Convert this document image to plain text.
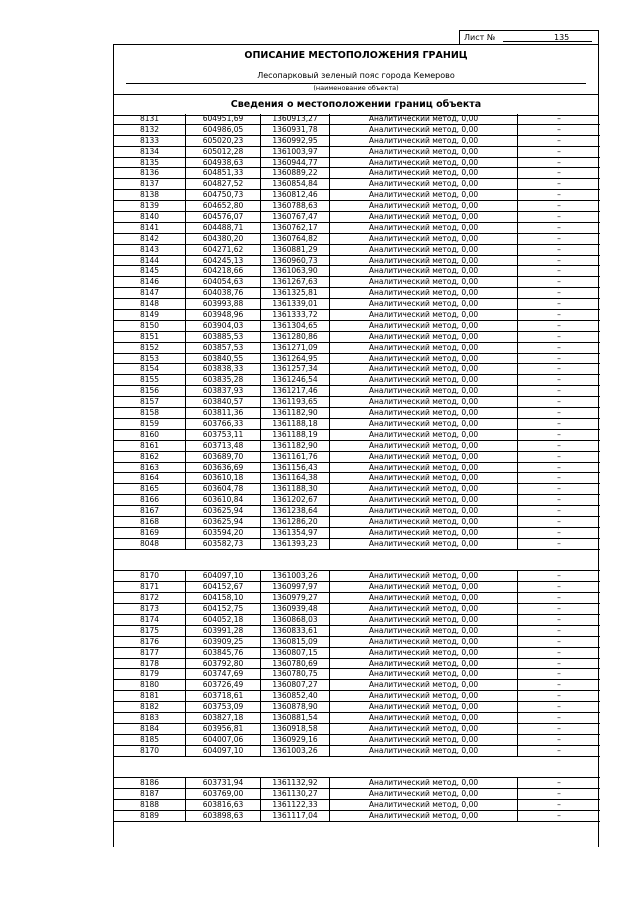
Лист №	135
ОПИСАНИЕ МЕСТОПОЛОЖЕНИЯ ГРАНИЦ
Лесопарковый зеленый пояс города Кемерово
(наименование объекта)
Сведения о местоположении границ объекта
8131	604951,69	1360913,27	Аналитический метод, 0,00	–
8132	604986,05	1360931,78	Аналитический метод, 0,00	–
8133	605020,23	1360992,95	Аналитический метод, 0,00	–
8134	605012,28	1361003,97	Аналитический метод, 0,00	–
8135	604938,63	1360944,77	Аналитический метод, 0,00	–
8136	604851,33	1360889,22	Аналитический метод, 0,00	–
8137	604827,52	1360854,84	Аналитический метод, 0,00	–
8138	604750,73	1360812,46	Аналитический метод, 0,00	–
8139	604652,80	1360788,63	Аналитический метод, 0,00	–
8140	604576,07	1360767,47	Аналитический метод, 0,00	–
8141	604488,71	1360762,17	Аналитический метод, 0,00	–
8142	604380,20	1360764,82	Аналитический метод, 0,00	–
8143	604271,62	1360881,29	Аналитический метод, 0,00	–
8144	604245,13	1360960,73	Аналитический метод, 0,00	–
8145	604218,66	1361063,90	Аналитический метод, 0,00	–
8146	604054,63	1361267,63	Аналитический метод, 0,00	–
8147	604038,76	1361325,81	Аналитический метод, 0,00	–
8148	603993,88	1361339,01	Аналитический метод, 0,00	–
8149	603948,96	1361333,72	Аналитический метод, 0,00	–
8150	603904,03	1361304,65	Аналитический метод, 0,00	–
8151	603885,53	1361280,86	Аналитический метод, 0,00	–
8152	603857,53	1361271,09	Аналитический метод, 0,00	–
8153	603840,55	1361264,95	Аналитический метод, 0,00	–
8154	603838,33	1361257,34	Аналитический метод, 0,00	–
8155	603835,28	1361246,54	Аналитический метод, 0,00	–
8156	603837,93	1361217,46	Аналитический метод, 0,00	–
8157	603840,57	1361193,65	Аналитический метод, 0,00	–
8158	603811,36	1361182,90	Аналитический метод, 0,00	–
8159	603766,33	1361188,18	Аналитический метод, 0,00	–
8160	603753,11	1361188,19	Аналитический метод, 0,00	–
8161	603713,48	1361182,90	Аналитический метод, 0,00	–
8162	603689,70	1361161,76	Аналитический метод, 0,00	–
8163	603636,69	1361156,43	Аналитический метод, 0,00	–
8164	603610,18	1361164,38	Аналитический метод, 0,00	–
8165	603604,78	1361188,30	Аналитический метод, 0,00	–
8166	603610,84	1361202,67	Аналитический метод, 0,00	–
8167	603625,94	1361238,64	Аналитический метод, 0,00	–
8168	603625,94	1361286,20	Аналитический метод, 0,00	–
8169	603594,20	1361354,97	Аналитический метод, 0,00	–
8048	603582,73	1361393,23	Аналитический метод, 0,00	–
8170	604097,10	1361003,26	Аналитический метод, 0,00	–
8171	604152,67	1360997,97	Аналитический метод, 0,00	–
8172	604158,10	1360979,27	Аналитический метод, 0,00	–
8173	604152,75	1360939,48	Аналитический метод, 0,00	–
8174	604052,18	1360868,03	Аналитический метод, 0,00	–
8175	603991,28	1360833,61	Аналитический метод, 0,00	–
8176	603909,25	1360815,09	Аналитический метод, 0,00	–
8177	603845,76	1360807,15	Аналитический метод, 0,00	–
8178	603792,80	1360780,69	Аналитический метод, 0,00	–
8179	603747,69	1360780,75	Аналитический метод, 0,00	–
8180	603726,49	1360807,27	Аналитический метод, 0,00	–
8181	603718,61	1360852,40	Аналитический метод, 0,00	–
8182	603753,09	1360878,90	Аналитический метод, 0,00	–
8183	603827,18	1360881,54	Аналитический метод, 0,00	–
8184	603956,81	1360918,58	Аналитический метод, 0,00	–
8185	604007,06	1360929,16	Аналитический метод, 0,00	–
8170	604097,10	1361003,26	Аналитический метод, 0,00	–
8186	603731,94	1361132,92	Аналитический метод, 0,00	–
8187	603769,00	1361130,27	Аналитический метод, 0,00	–
8188	603816,63	1361122,33	Аналитический метод, 0,00	–
8189	603898,63	1361117,04	Аналитический метод, 0,00	–
